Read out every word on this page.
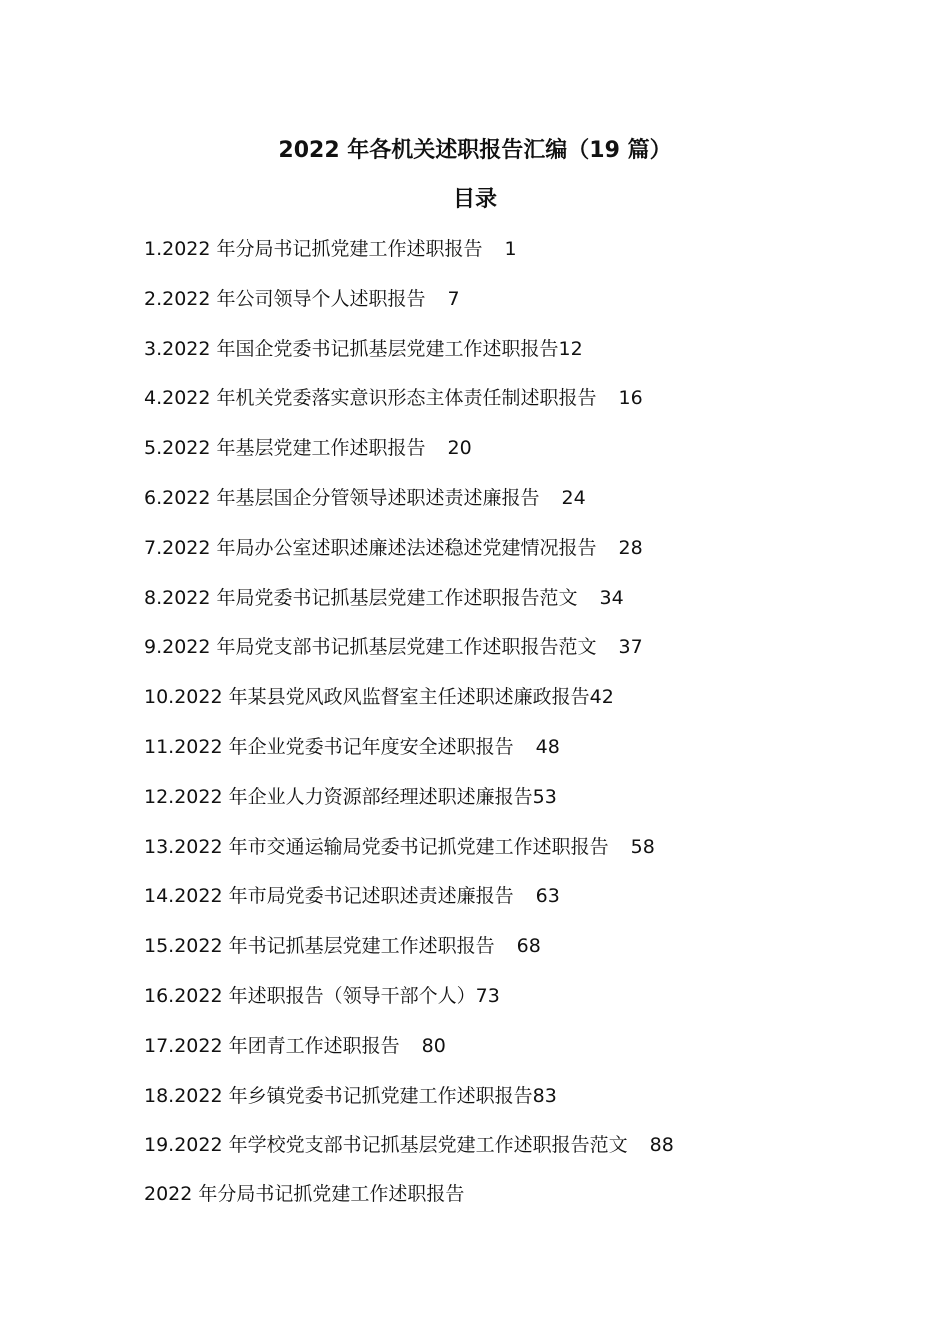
2022 年各机关述职报告汇编（19 篇）
目录
1.2022 年分局书记抓党建工作述职报告 1
2.2022 年公司领导个人述职报告 7
3.2022 年国企党委书记抓基层党建工作述职报告12
4.2022 年机关党委落实意识形态主体责任制述职报告 16
5.2022 年基层党建工作述职报告 20
6.2022 年基层国企分管领导述职述责述廉报告 24
7.2022 年局办公室述职述廉述法述稳述党建情况报告 28
8.2022 年局党委书记抓基层党建工作述职报告范文 34
9.2022 年局党支部书记抓基层党建工作述职报告范文 37
10.2022 年某县党风政风监督室主任述职述廉政报告42
11.2022 年企业党委书记年度安全述职报告 48
12.2022 年企业人力资源部经理述职述廉报告53
13.2022 年市交通运输局党委书记抓党建工作述职报告 58
14.2022 年市局党委书记述职述责述廉报告 63
15.2022 年书记抓基层党建工作述职报告 68
16.2022 年述职报告（领导干部个人）73
17.2022 年团青工作述职报告 80
18.2022 年乡镇党委书记抓党建工作述职报告83
19.2022 年学校党支部书记抓基层党建工作述职报告范文 88
2022 年分局书记抓党建工作述职报告
